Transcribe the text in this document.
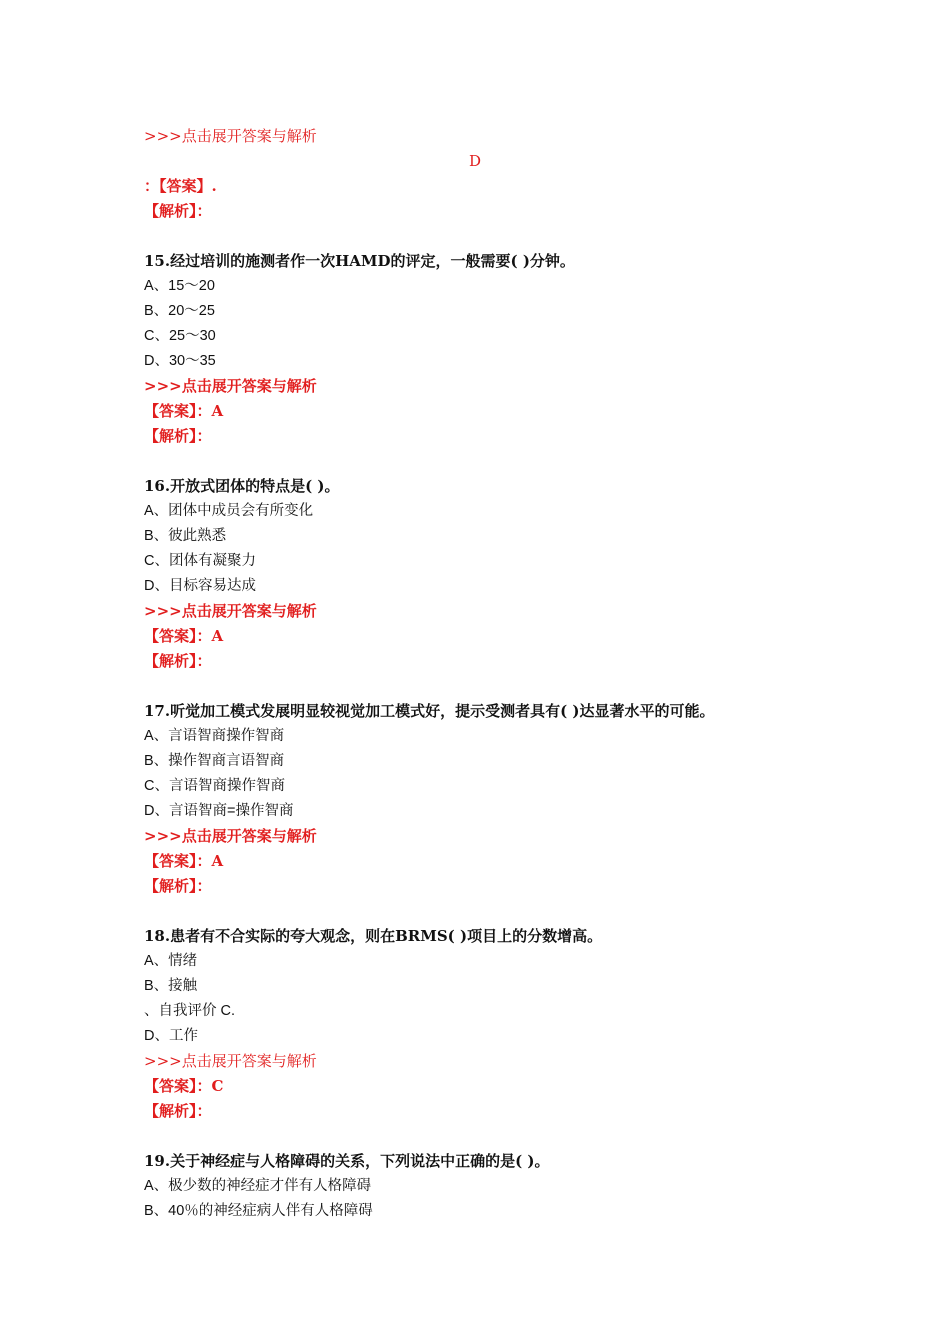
>>>点击展开答案与解析
D
：【答案】.
【解析】：
15.经过培训的施测者作一次HAMD的评定，一般需要( )分钟。
A、15～20
B、20～25
C、25～30
D、30～35
>>>点击展开答案与解析
【答案】：A
【解析】：
16.开放式团体的特点是( )。
A、团体中成员会有所变化
B、彼此熟悉
C、团体有凝聚力
D、目标容易达成
>>>点击展开答案与解析
【答案】：A
【解析】：
17.听觉加工模式发展明显较视觉加工模式好，提示受测者具有( )达显著水平的可能。
A、言语智商操作智商
B、操作智商言语智商
C、言语智商操作智商
D、言语智商=操作智商
>>>点击展开答案与解析
【答案】：A
【解析】：
18.患者有不合实际的夸大观念，则在BRMS( )项目上的分数增高。
A、情绪
B、接触
、自我评价 C.
D、工作
>>>点击展开答案与解析
【答案】：C
【解析】：
19.关于神经症与人格障碍的关系，下列说法中正确的是( )。
A、极少数的神经症才伴有人格障碍
B、40％的神经症病人伴有人格障碍
